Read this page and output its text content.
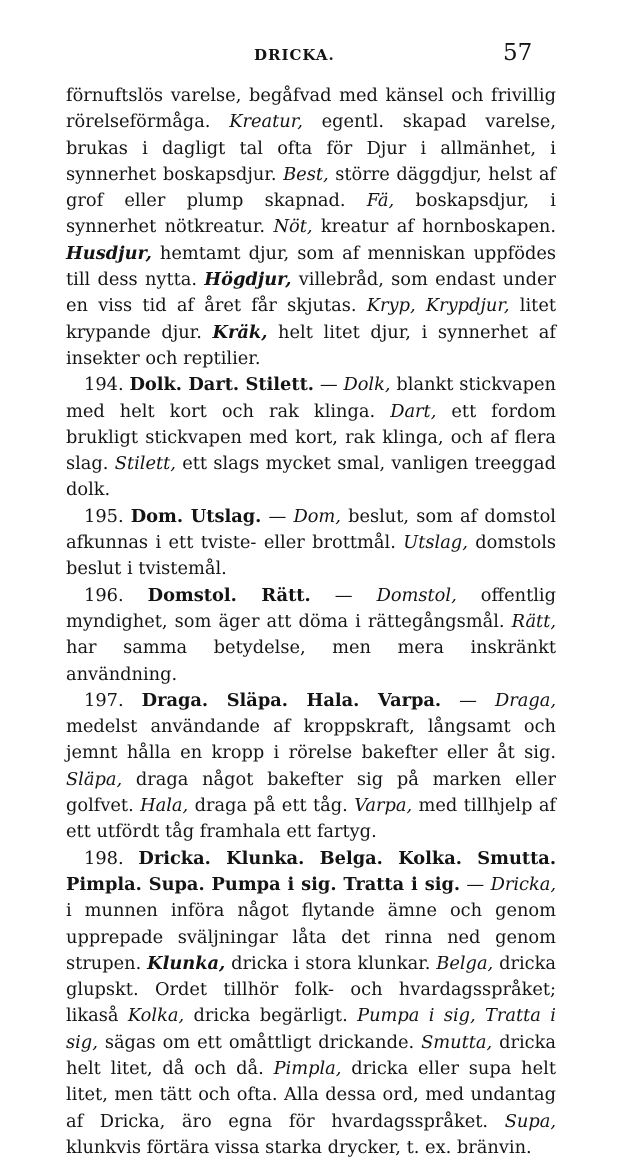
DRICKA.	57

förnuftslös varelse, begåfvad med känsel och frivillig rörelseförmåga. Kreatur, egentl. skapad varelse, brukas i dagligt tal ofta för Djur i allmänhet, i synnerhet boskapsdjur. Best, större däggdjur, helst af grof eller plump skapnad. Fä, boskapsdjur, i synnerhet nötkreatur. Nöt, kreatur af hornboskapen. Husdjur, hemtamt djur, som af menniskan uppfödes till dess nytta. Högdjur, villebråd, som endast under en viss tid af året får skjutas. Kryp, Krypdjur, litet krypande djur. Kräk, helt litet djur, i synnerhet af insekter och reptilier.

194. Dolk. Dart. Stilett. — Dolk, blankt stickvapen med helt kort och rak klinga. Dart, ett fordom brukligt stickvapen med kort, rak klinga, och af flera slag. Stilett, ett slags mycket smal, vanligen treeggad dolk.

195. Dom. Utslag. — Dom, beslut, som af domstol afkunnas i ett tviste- eller brottmål. Utslag, domstols beslut i tvistemål.

196. Domstol. Rätt. — Domstol, offentlig myndighet, som äger att döma i rättegångsmål. Rätt, har samma betydelse, men mera inskränkt användning.

197. Draga. Släpa. Hala. Varpa. — Draga, medelst användande af kroppskraft, långsamt och jemnt hålla en kropp i rörelse bakefter eller åt sig. Släpa, draga något bakefter sig på marken eller golfvet. Hala, draga på ett tåg. Varpa, med tillhjelp af ett utfördt tåg framhala ett fartyg.

198. Dricka. Klunka. Belga. Kolka. Smutta. Pimpla. Supa. Pumpa i sig. Tratta i sig. — Dricka, i munnen införa något flytande ämne och genom upprepade sväljningar låta det rinna ned genom strupen. Klunka, dricka i stora klunkar. Belga, dricka glupskt. Ordet tillhör folk- och hvardagsspråket; likaså Kolka, dricka begärligt. Pumpa i sig, Tratta i sig, sägas om ett omåttligt drickande. Smutta, dricka helt litet, då och då. Pimpla, dricka eller supa helt litet, men tätt och ofta. Alla dessa ord, med undantag af Dricka, äro egna för hvardagsspråket. Supa, klunkvis förtära vissa starka drycker, t. ex. bränvin.
